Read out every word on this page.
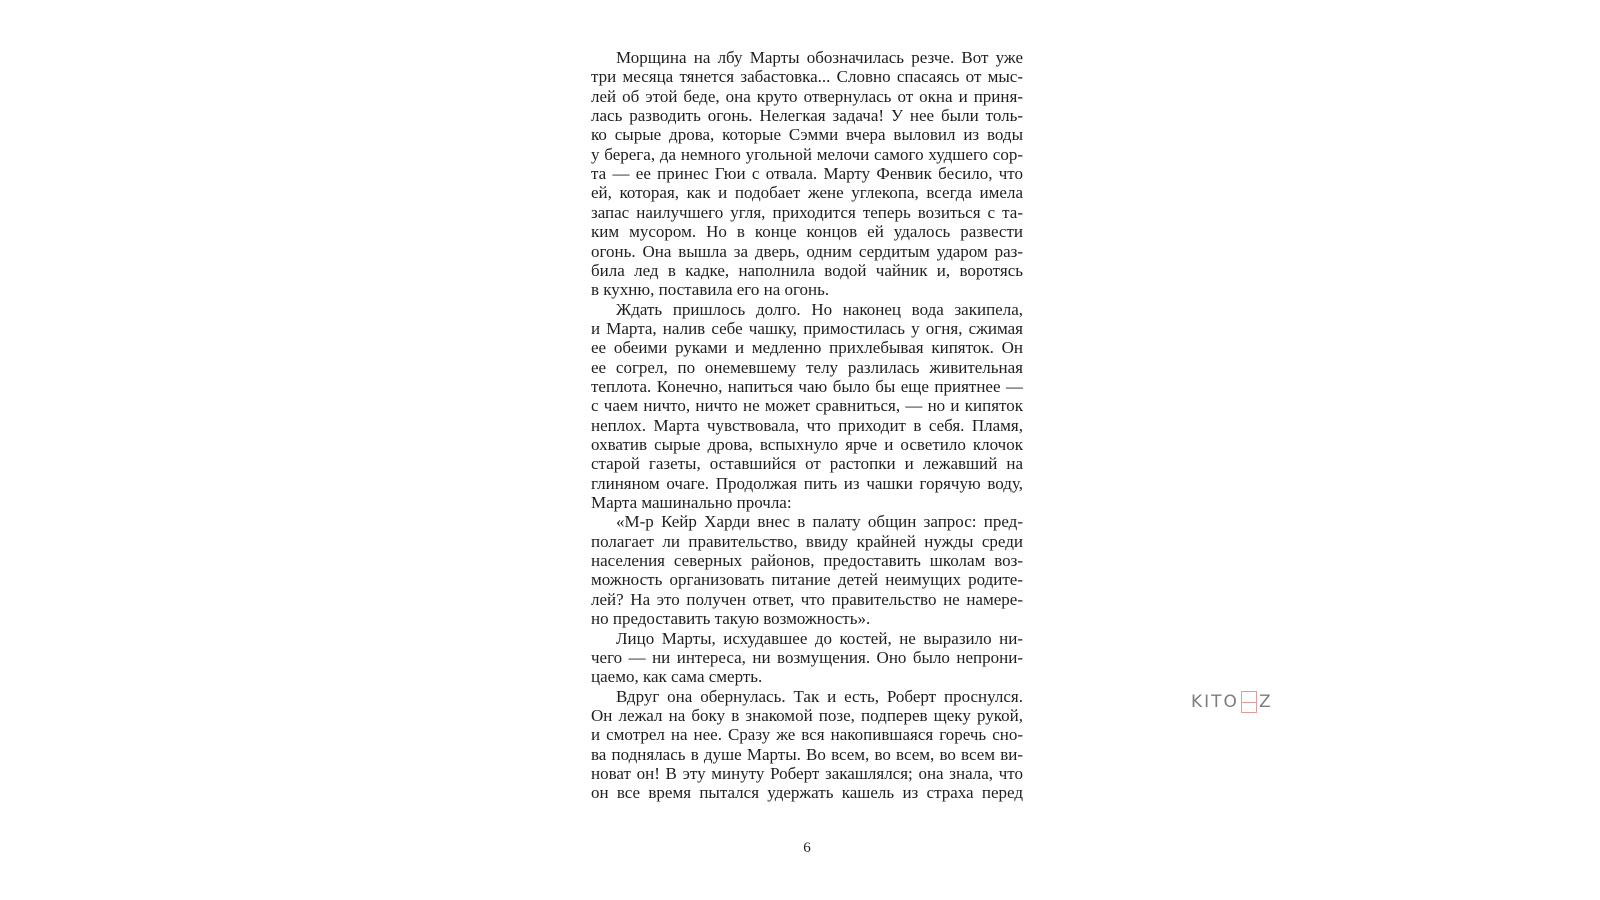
Морщина на лбу Марты обозначилась резче. Вот уже
три месяца тянется забастовка... Словно спасаясь от мыс-
лей об этой беде, она круто отвернулась от окна и приня-
лась разводить огонь. Нелегкая задача! У нее были толь-
ко сырые дрова, которые Сэмми вчера выловил из воды
у берега, да немного угольной мелочи самого худшего сор-
та — ее принес Гюи с отвала. Марту Фенвик бесило, что
ей, которая, как и подобает жене углекопа, всегда имела
запас наилучшего угля, приходится теперь возиться с та-
ким мусором. Но в конце концов ей удалось развести
огонь. Она вышла за дверь, одним сердитым ударом раз-
била лед в кадке, наполнила водой чайник и, воротясь
в кухню, поставила его на огонь.
Ждать пришлось долго. Но наконец вода закипела,
и Марта, налив себе чашку, примостилась у огня, сжимая
ее обеими руками и медленно прихлебывая кипяток. Он
ее согрел, по онемевшему телу разлилась живительная
теплота. Конечно, напиться чаю было бы еще приятнее —
с чаем ничто, ничто не может сравниться, — но и кипяток
неплох. Марта чувствовала, что приходит в себя. Пламя,
охватив сырые дрова, вспыхнуло ярче и осветило клочок
старой газеты, оставшийся от растопки и лежавший на
глиняном очаге. Продолжая пить из чашки горячую воду,
Марта машинально прочла:
«М-р Кейр Харди внес в палату общин запрос: пред-
полагает ли правительство, ввиду крайней нужды среди
населения северных районов, предоставить школам воз-
можность организовать питание детей неимущих родите-
лей? На это получен ответ, что правительство не намере-
но предоставить такую возможность».
Лицо Марты, исхудавшее до костей, не выразило ни-
чего — ни интереса, ни возмущения. Оно было непрони-
цаемо, как сама смерть.
Вдруг она обернулась. Так и есть, Роберт проснулся.
Он лежал на боку в знакомой позе, подперев щеку рукой,
и смотрел на нее. Сразу же вся накопившаяся горечь сно-
ва поднялась в душе Марты. Во всем, во всем, во всем ви-
новат он! В эту минуту Роберт закашлялся; она знала, что
он все время пытался удержать кашель из страха перед
6
KITO Z
